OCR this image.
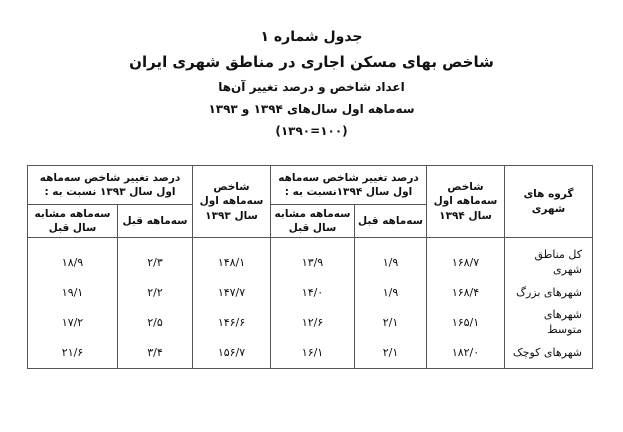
جدول شماره ۱
شاخص بهای مسکن اجاری در مناطق شهری ایران
اعداد شاخص و درصد تغییر آن‌ها
سه‌ماهه اول سال‌های ۱۳۹۴ و ۱۳۹۳
(۱۰۰=۱۳۹۰)
گروه های شهری	شاخص سه‌ماهه اول سال ۱۳۹۴	درصد تغییر شاخص سه‌ماهه اول سال ۱۳۹۴نسبت به :		شاخص سه‌ماهه اول سال ۱۳۹۳	درصد تغییر شاخص سه‌ماهه اول سال ۱۳۹۳ نسبت به :	
		سه‌ماهه قبل	سه‌ماهه مشابه سال قبل		سه‌ماهه قبل	سه‌ماهه مشابه سال قبل
کل مناطق شهری	۱۶۸/۷	۱/۹	۱۳/۹	۱۴۸/۱	۲/۳	۱۸/۹
شهرهای بزرگ	۱۶۸/۴	۱/۹	۱۴/۰	۱۴۷/۷	۲/۲	۱۹/۱
شهرهای متوسط	۱۶۵/۱	۲/۱	۱۲/۶	۱۴۶/۶	۲/۵	۱۷/۲
شهرهای کوچک	۱۸۲/۰	۲/۱	۱۶/۱	۱۵۶/۷	۳/۴	۲۱/۶
